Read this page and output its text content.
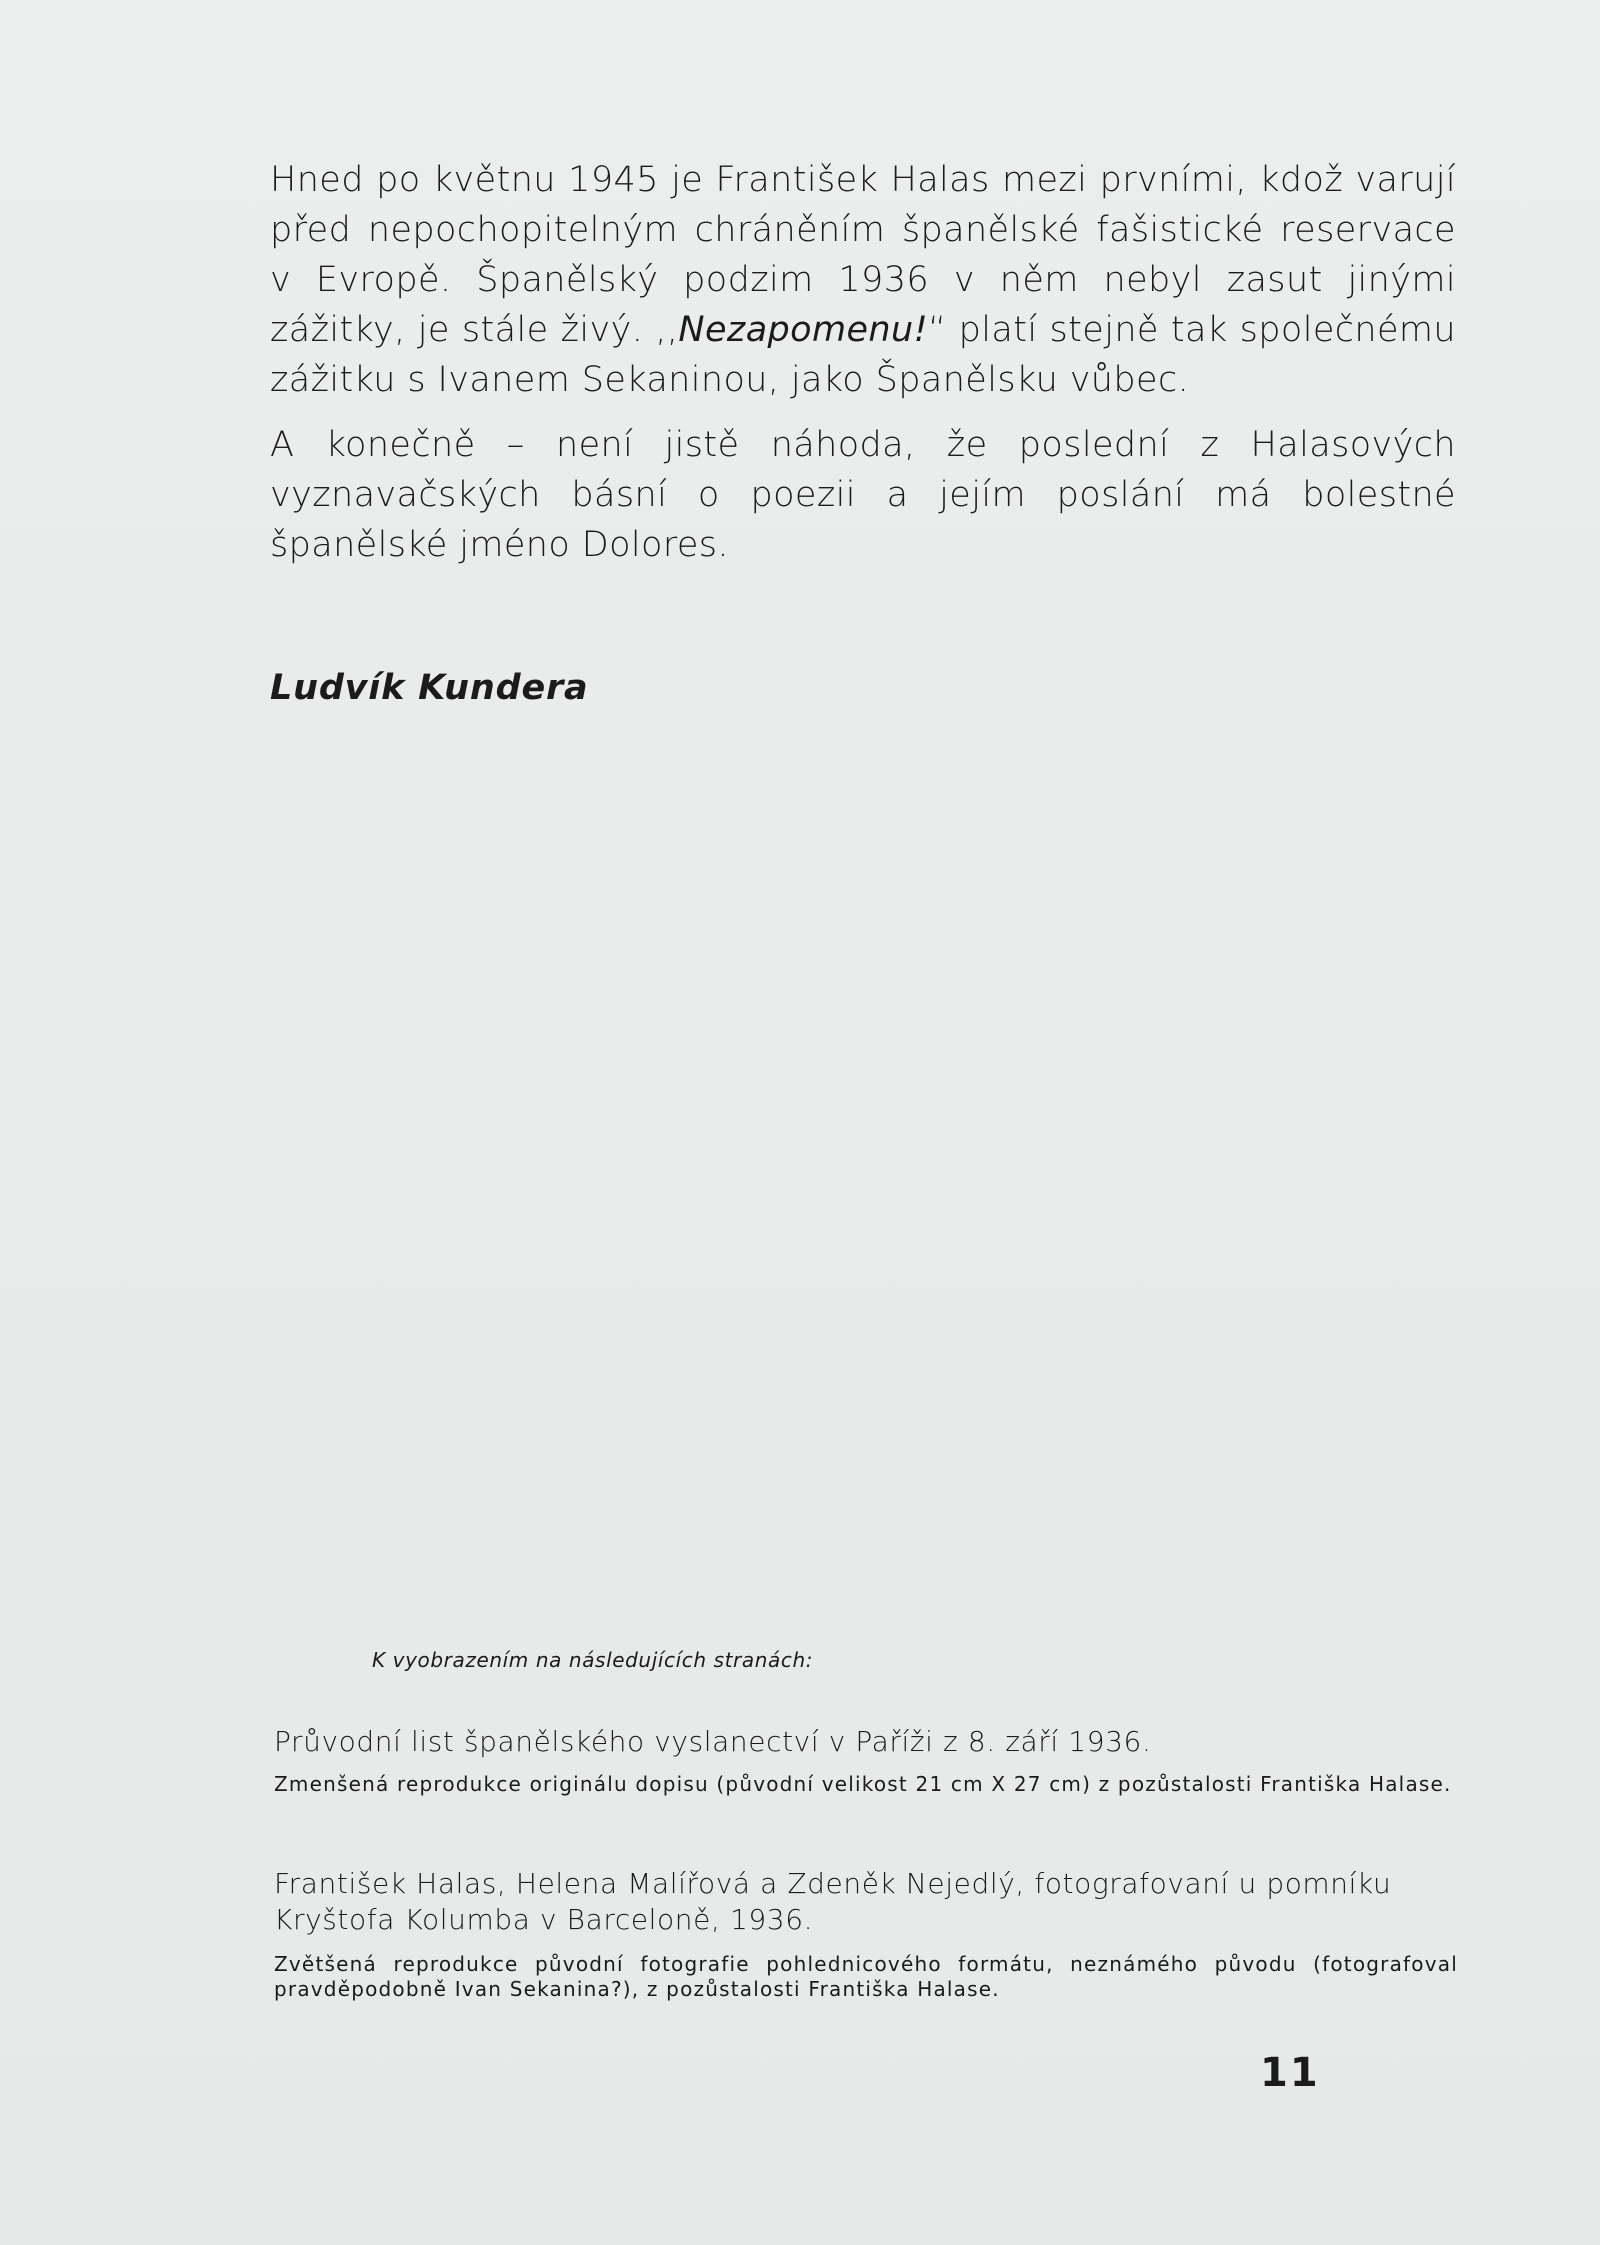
Hned po květnu 1945 je František Halas mezi prvními, kdož varují před nepochopitelným chráněním španělské fašistické reservace v Evropě. Španělský podzim 1936 v něm nebyl zasut jinými zážitky, je stále živý. ,,Nezapomenu!“ platí stejně tak společnému zážitku s Ivanem Sekaninou, jako Španělsku vůbec.

A konečně – není jistě náhoda, že poslední z Halasových vyznavačských básní o poezii a jejím poslání má bolestné španělské jméno Dolores.

Ludvík Kundera
K vyobrazením na následujících stranách:

Průvodní list španělského vyslanectví v Paříži z 8. září 1936.

Zmenšená reprodukce originálu dopisu (původní velikost 21 cm X 27 cm) z pozůstalosti Františka Halase.

František Halas, Helena Malířová a Zdeněk Nejedlý, fotografovaní u pomníku Kryštofa Kolumba v Barceloně, 1936.

Zvětšená reprodukce původní fotografie pohlednicového formátu, neznámého původu (fotografoval pravděpodobně Ivan Sekanina?), z pozůstalosti Františka Halase.

11
